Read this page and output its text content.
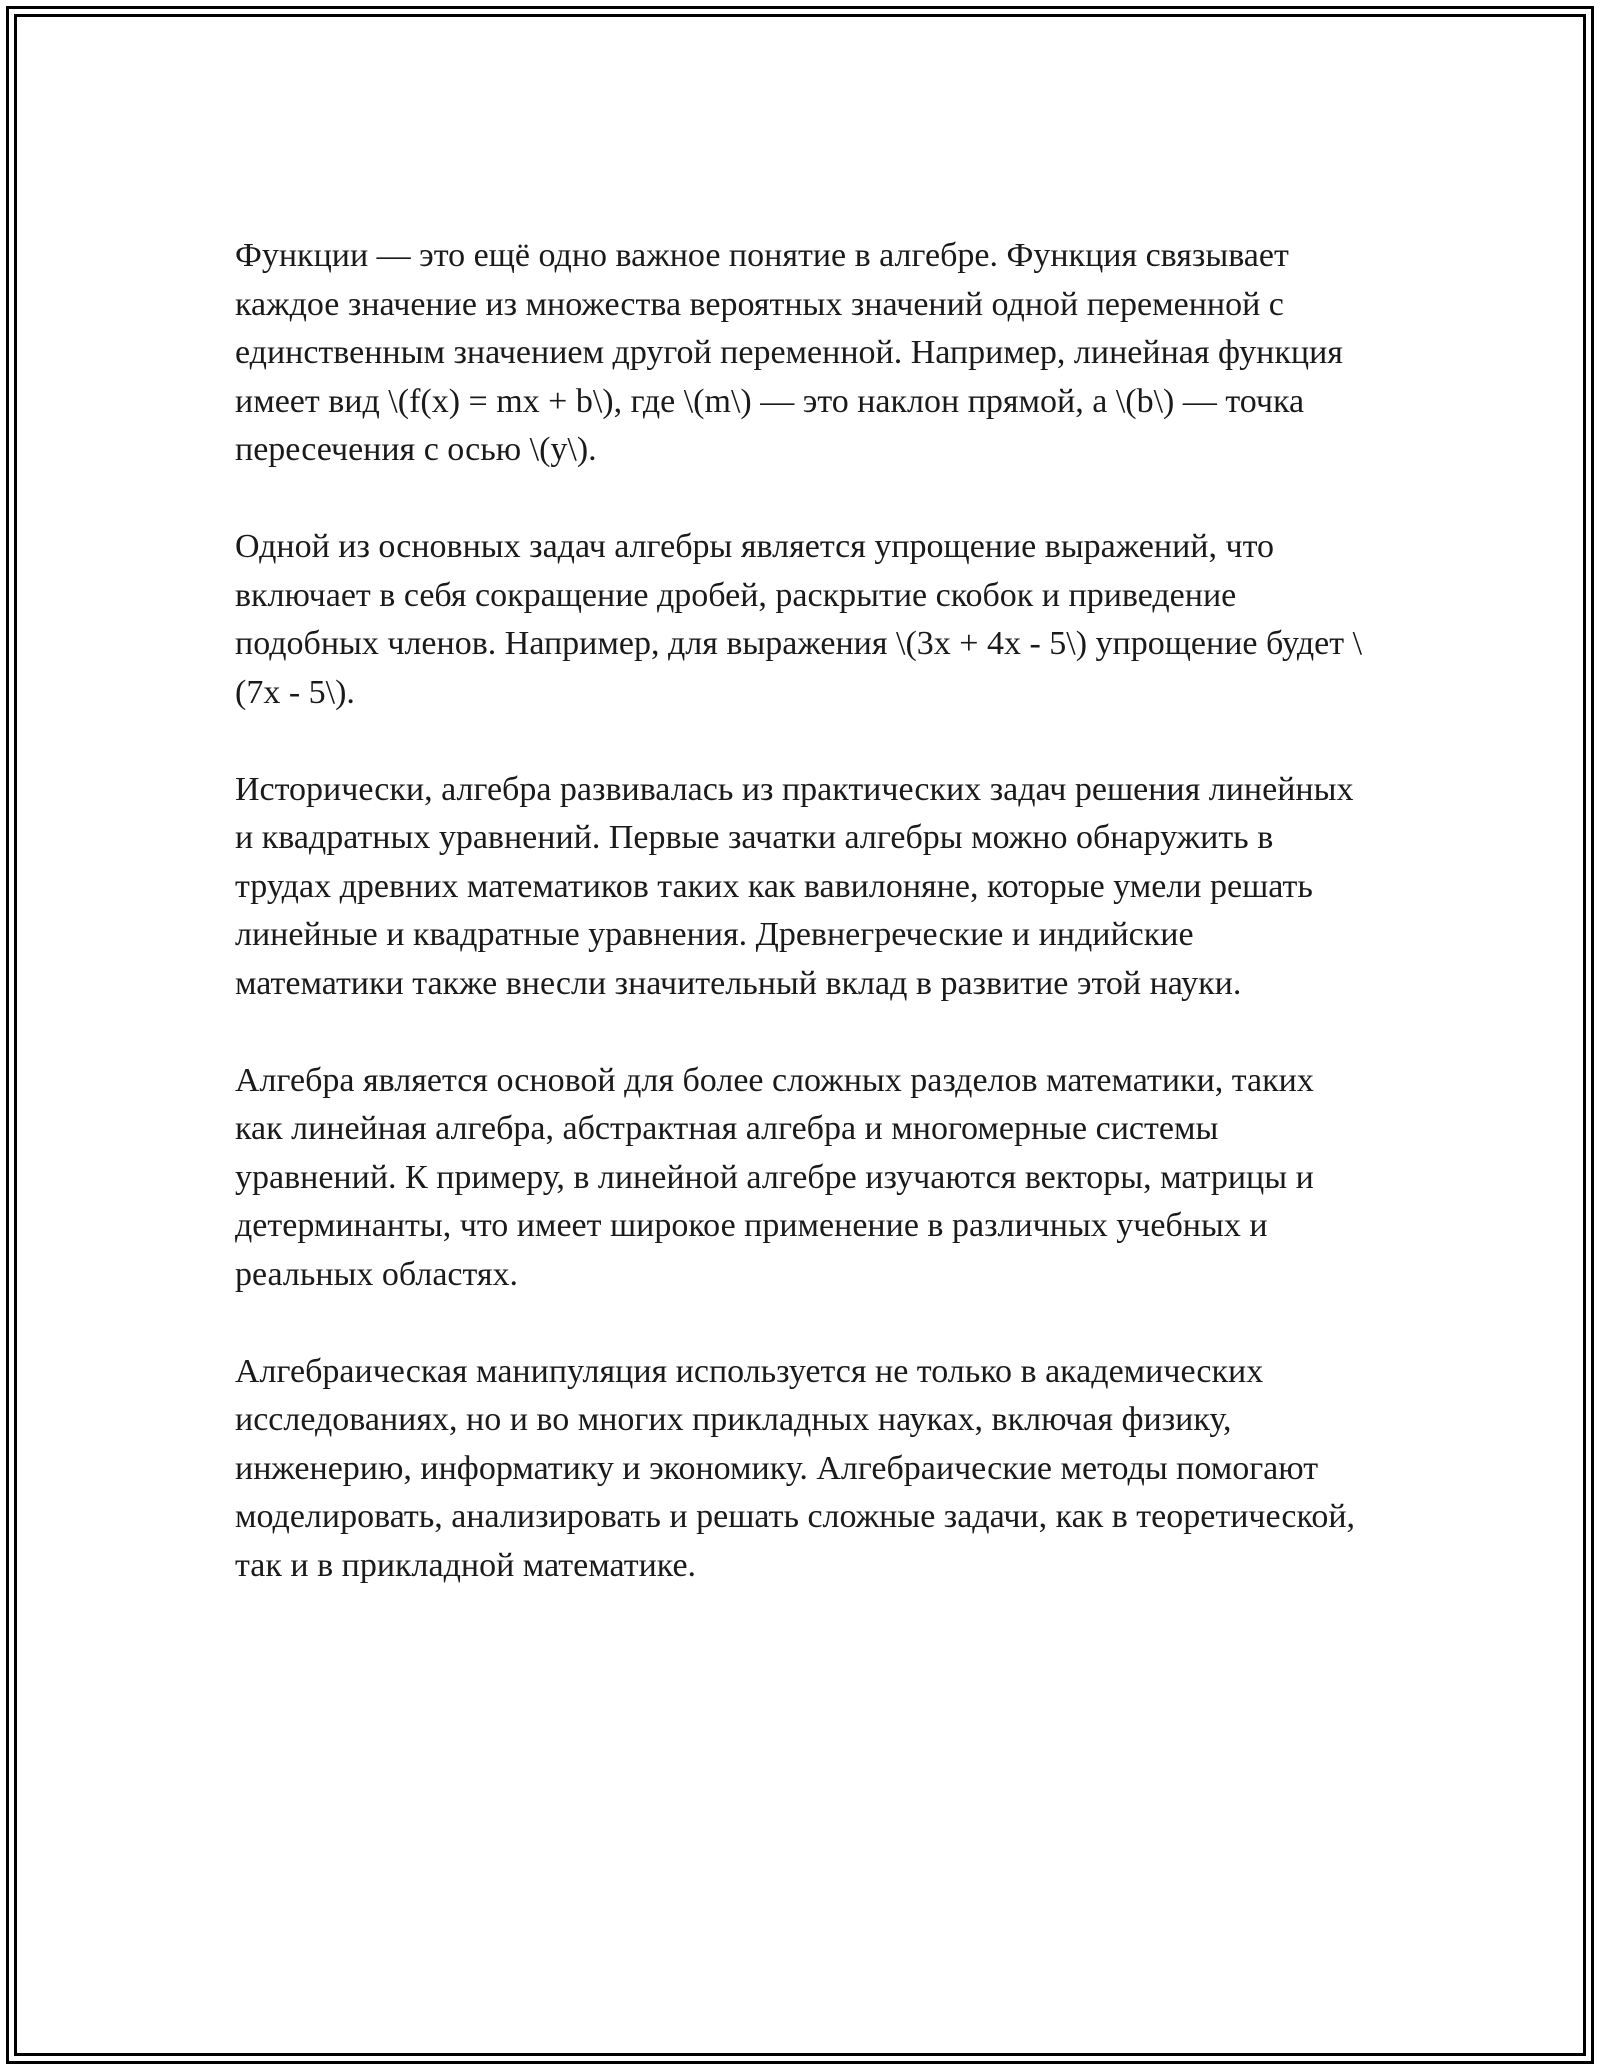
Функции — это ещё одно важное понятие в алгебре. Функция связывает каждое значение из множества вероятных значений одной переменной с единственным значением другой переменной. Например, линейная функция имеет вид \(f(x) = mx + b\), где \(m\) — это наклон прямой, а \(b\) — точка пересечения с осью \(y\).

Одной из основных задач алгебры является упрощение выражений, что включает в себя сокращение дробей, раскрытие скобок и приведение подобных членов. Например, для выражения \(3x + 4x - 5\) упрощение будет \(7x - 5\).

Исторически, алгебра развивалась из практических задач решения линейных и квадратных уравнений. Первые зачатки алгебры можно обнаружить в трудах древних математиков таких как вавилоняне, которые умели решать линейные и квадратные уравнения. Древнегреческие и индийские математики также внесли значительный вклад в развитие этой науки.

Алгебра является основой для более сложных разделов математики, таких как линейная алгебра, абстрактная алгебра и многомерные системы уравнений. К примеру, в линейной алгебре изучаются векторы, матрицы и детерминанты, что имеет широкое применение в различных учебных и реальных областях.

Алгебраическая манипуляция используется не только в академических исследованиях, но и во многих прикладных науках, включая физику, инженерию, информатику и экономику. Алгебраические методы помогают моделировать, анализировать и решать сложные задачи, как в теоретической, так и в прикладной математике.
